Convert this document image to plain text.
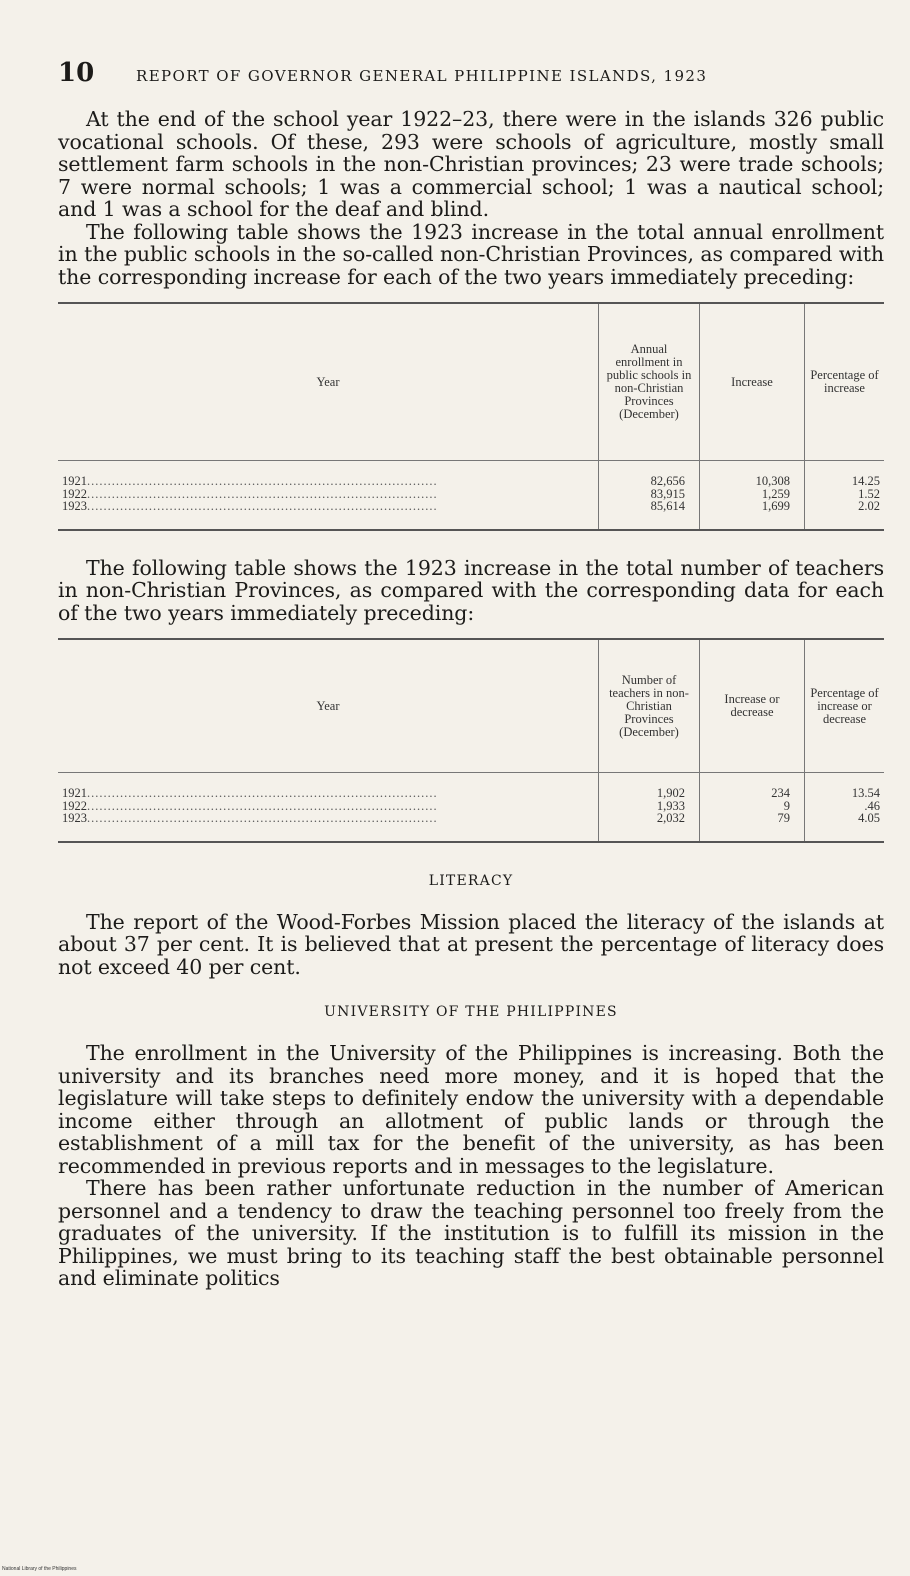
10	REPORT OF GOVERNOR GENERAL PHILIPPINE ISLANDS, 1923

At the end of the school year 1922–23, there were in the islands 326 public vocational schools. Of these, 293 were schools of agriculture, mostly small settlement farm schools in the non-Christian provinces; 23 were trade schools; 7 were normal schools; 1 was a commercial school; 1 was a nautical school; and 1 was a school for the deaf and blind.

The following table shows the 1923 increase in the total annual enrollment in the public schools in the so-called non-Christian Provinces, as compared with the corresponding increase for each of the two years immediately preceding:

Year	Annual enrollment in public schools in non-Christian Provinces (December)	Increase	Percentage of increase
1921.....................................................................................	82,656	10,308	14.25
1922.....................................................................................	83,915	1,259	1.52
1923.....................................................................................	85,614	1,699	2.02

The following table shows the 1923 increase in the total number of teachers in non-Christian Provinces, as compared with the corresponding data for each of the two years immediately preceding:

Year	Number of teachers in non-Christian Provinces (December)	Increase or decrease	Percentage of increase or decrease
1921.....................................................................................	1,902	234	13.54
1922.....................................................................................	1,933	9	.46
1923.....................................................................................	2,032	79	4.05
LITERACY

The report of the Wood-Forbes Mission placed the literacy of the islands at about 37 per cent. It is believed that at present the percentage of literacy does not exceed 40 per cent.

UNIVERSITY OF THE PHILIPPINES

The enrollment in the University of the Philippines is increasing. Both the university and its branches need more money, and it is hoped that the legislature will take steps to definitely endow the university with a dependable income either through an allotment of public lands or through the establishment of a mill tax for the benefit of the university, as has been recommended in previous reports and in messages to the legislature.

There has been rather unfortunate reduction in the number of American personnel and a tendency to draw the teaching personnel too freely from the graduates of the university. If the institution is to fulfill its mission in the Philippines, we must bring to its teaching staff the best obtainable personnel and eliminate politics

National Library of the Philippines
